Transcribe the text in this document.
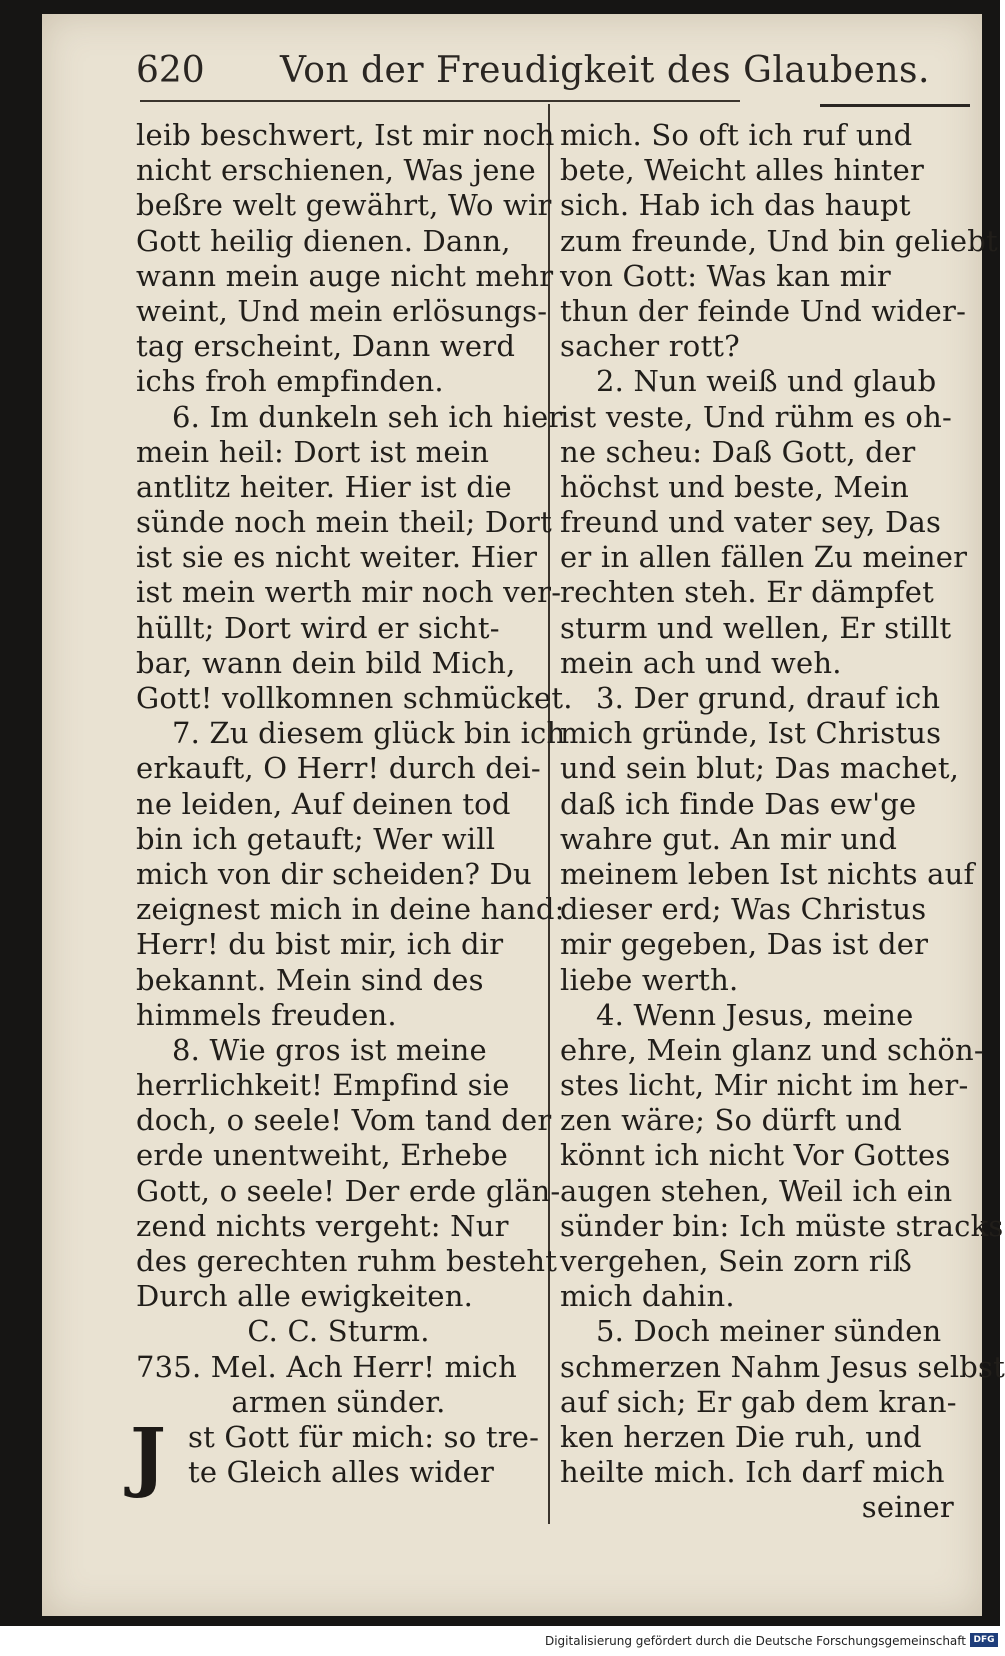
620 Von der Freudigkeit des Glaubens.
leib beschwert, Ist mir noch
nicht erschienen, Was jene
beßre welt gewährt, Wo wir
Gott heilig dienen. Dann,
wann mein auge nicht mehr
weint, Und mein erlösungs-
tag erscheint, Dann werd
ichs froh empfinden.
6. Im dunkeln seh ich hier
mein heil: Dort ist mein
antlitz heiter. Hier ist die
sünde noch mein theil; Dort
ist sie es nicht weiter. Hier
ist mein werth mir noch ver-
hüllt; Dort wird er sicht-
bar, wann dein bild Mich,
Gott! vollkomnen schmücket.
7. Zu diesem glück bin ich
erkauft, O Herr! durch dei-
ne leiden, Auf deinen tod
bin ich getauft; Wer will
mich von dir scheiden? Du
zeignest mich in deine hand:
Herr! du bist mir, ich dir
bekannt. Mein sind des
himmels freuden.
8. Wie gros ist meine
herrlichkeit! Empfind sie
doch, o seele! Vom tand der
erde unentweiht, Erhebe
Gott, o seele! Der erde glän-
zend nichts vergeht: Nur
des gerechten ruhm besteht
Durch alle ewigkeiten.
C. C. Sturm.
735. Mel. Ach Herr! mich
armen sünder.
J st Gott für mich: so tre-
te Gleich alles wider
mich. So oft ich ruf und
bete, Weicht alles hinter
sich. Hab ich das haupt
zum freunde, Und bin geliebt
von Gott: Was kan mir
thun der feinde Und wider-
sacher rott?
2. Nun weiß und glaub
ist veste, Und rühm es oh-
ne scheu: Daß Gott, der
höchst und beste, Mein
freund und vater sey, Das
er in allen fällen Zu meiner
rechten steh. Er dämpfet
sturm und wellen, Er stillt
mein ach und weh.
3. Der grund, drauf ich
mich gründe, Ist Christus
und sein blut; Das machet,
daß ich finde Das ew'ge
wahre gut. An mir und
meinem leben Ist nichts auf
dieser erd; Was Christus
mir gegeben, Das ist der
liebe werth.
4. Wenn Jesus, meine
ehre, Mein glanz und schön-
stes licht, Mir nicht im her-
zen wäre; So dürft und
könnt ich nicht Vor Gottes
augen stehen, Weil ich ein
sünder bin: Ich müste stracks
vergehen, Sein zorn riß
mich dahin.
5. Doch meiner sünden
schmerzen Nahm Jesus selbst
auf sich; Er gab dem kran-
ken herzen Die ruh, und
heilte mich. Ich darf mich
seiner
Digitalisierung gefördert durch die Deutsche Forschungsgemeinschaft DFG
